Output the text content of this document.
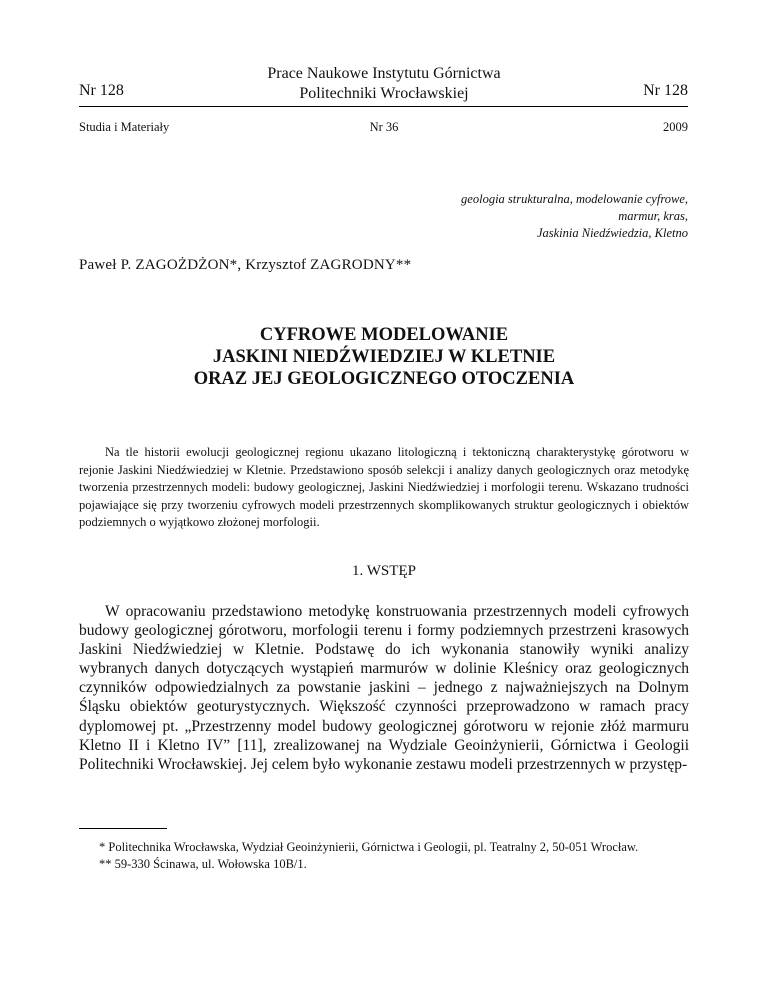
Nr 128
Prace Naukowe Instytutu Górnictwa
Politechniki Wrocławskiej	Nr 128
Studia i Materiały	Nr 36	2009
geologia strukturalna, modelowanie cyfrowe,
marmur, kras,
Jaskinia Niedźwiedzia, Kletno
Paweł P. ZAGOŻDŻON*, Krzysztof ZAGRODNY**
CYFROWE MODELOWANIE
JASKINI NIEDŹWIEDZIEJ W KLETNIE
ORAZ JEJ GEOLOGICZNEGO OTOCZENIA
Na tle historii ewolucji geologicznej regionu ukazano litologiczną i tektoniczną charakterystykę górotworu w rejonie Jaskini Niedźwiedziej w Kletnie. Przedstawiono sposób selekcji i analizy danych geologicznych oraz metodykę tworzenia przestrzennych modeli: budowy geologicznej, Jaskini Niedźwiedziej i morfologii terenu. Wskazano trudności pojawiające się przy tworzeniu cyfrowych modeli przestrzennych skomplikowanych struktur geologicznych i obiektów podziemnych o wyjątkowo złożonej morfologii.
1. WSTĘP
W opracowaniu przedstawiono metodykę konstruowania przestrzennych modeli cyfrowych budowy geologicznej górotworu, morfologii terenu i formy podziemnych przestrzeni krasowych Jaskini Niedźwiedziej w Kletnie. Podstawę do ich wykonania stanowiły wyniki analizy wybranych danych dotyczących wystąpień marmurów w dolinie Kleśnicy oraz geologicznych czynników odpowiedzialnych za powstanie jaskini – jednego z najważniejszych na Dolnym Śląsku obiektów geoturystycznych. Większość czynności przeprowadzono w ramach pracy dyplomowej pt. „Przestrzenny model budowy geologicznej górotworu w rejonie złóż marmuru Kletno II i Kletno IV” [11], zrealizowanej na Wydziale Geoinżynierii, Górnictwa i Geologii Politechniki Wrocławskiej. Jej celem było wykonanie zestawu modeli przestrzennych w przystęp-

* Politechnika Wrocławska, Wydział Geoinżynierii, Górnictwa i Geologii, pl. Teatralny 2, 50-051 Wrocław.

** 59-330 Ścinawa, ul. Wołowska 10B/1.
